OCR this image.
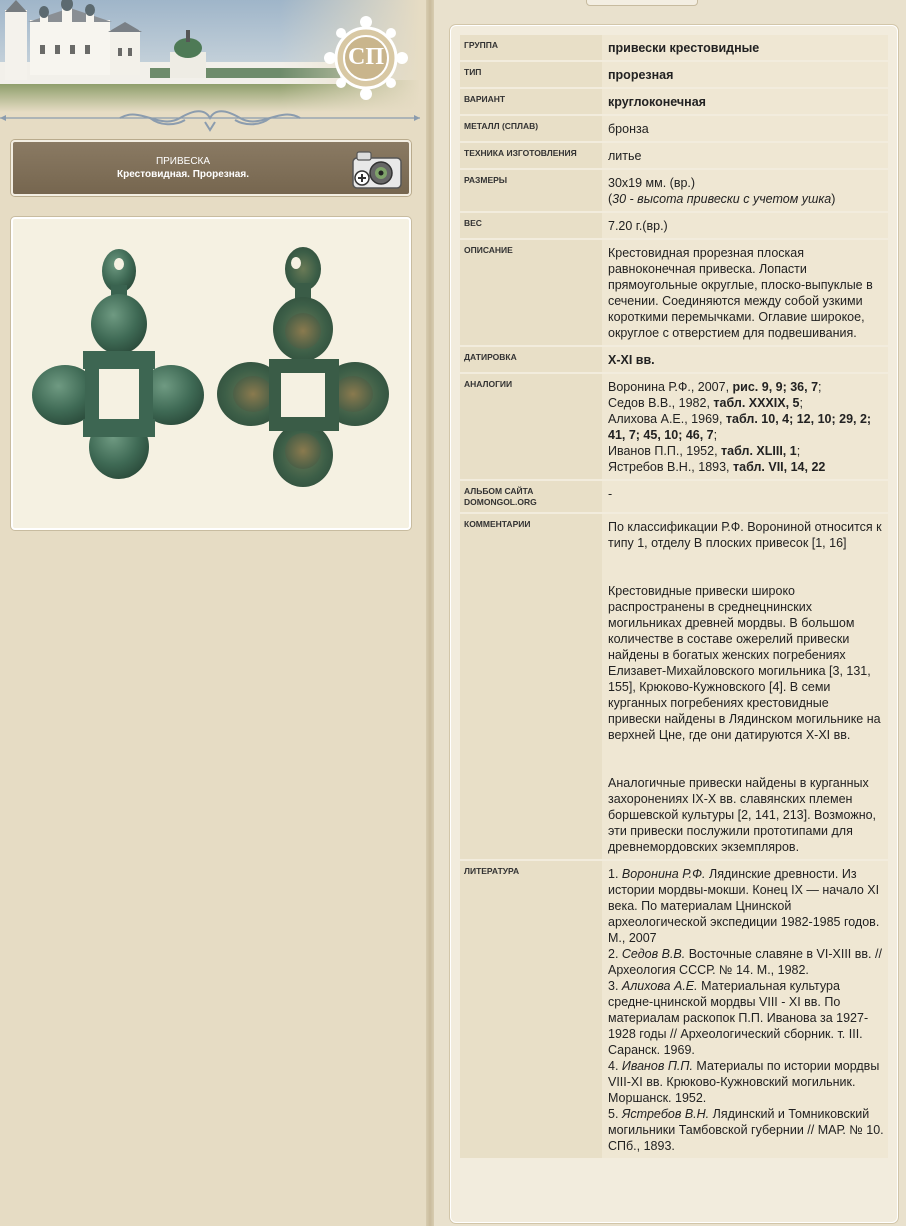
СП
ПРИВЕСКА
Крестовидная. Прорезная.
ГРУППА	привески крестовидные
ТИП	прорезная
ВАРИАНТ	круглоконечная
МЕТАЛЛ (СПЛАВ)	бронза
ТЕХНИКА ИЗГОТОВЛЕНИЯ	литье
РАЗМЕРЫ	30x19 мм. (вр.)
(30 - высота привески с учетом ушка)

ВЕС	7.20 г.(вр.)
ОПИСАНИЕ	Крестовидная прорезная плоская равноконечная привеска. Лопасти прямоугольные округлые, плоско-выпуклые в сечении. Соединяются между собой узкими короткими перемычками. Оглавие широкое, округлое с отверстием для подвешивания.
ДАТИРОВКА	X-XI вв.
АНАЛОГИИ	Воронина Р.Ф., 2007, рис. 9, 9; 36, 7;
Седов В.В., 1982, табл. XXXIX, 5;
Алихова А.Е., 1969, табл. 10, 4; 12, 10; 29, 2; 41, 7; 45, 10; 46, 7;
Иванов П.П., 1952, табл. XLIII, 1;
Ястребов В.Н., 1893, табл. VII, 14, 22

АЛЬБОМ САЙТА DOMONGOL.ORG	-
КОММЕНТАРИИ	По классификации Р.Ф. Ворониной относится к типу 1, отделу В плоских привесок [1, 16]

Крестовидные привески широко распространены в среднецнинских могильниках древней мордвы. В большом количестве в составе ожерелий привески найдены в богатых женских погребениях Елизавет-Михайловского могильника [3, 131, 155], Крюково-Кужновского [4]. В семи курганных погребениях крестовидные привески найдены в Лядинском могильнике на верхней Цне, где они датируются X-XI вв.

Аналогичные привески найдены в курганных захоронениях IX-X вв. славянских племен боршевской культуры [2, 141, 213]. Возможно, эти привески послужили прототипами для древнемордовских экземпляров.

ЛИТЕРАТУРА	1. Воронина Р.Ф. Лядинские древности. Из истории мордвы-мокши. Конец IX — начало XI века. По материалам Цнинской археологической экспедиции 1982-1985 годов. М., 2007
2. Седов В.В. Восточные славяне в VI-XIII вв. // Археология СССР. № 14. М., 1982.
3. Алихова А.Е. Материальная культура средне-цнинской мордвы VIII - XI вв. По материалам раскопок П.П. Иванова за 1927-1928 годы // Археологический сборник. т. III. Саранск. 1969.
4. Иванов П.П. Материалы по истории мордвы VIII-XI вв. Крюково-Кужновский могильник. Моршанск. 1952.
5. Ястребов В.Н. Лядинский и Томниковский могильники Тамбовской губернии // МАР. № 10. СПб., 1893.
